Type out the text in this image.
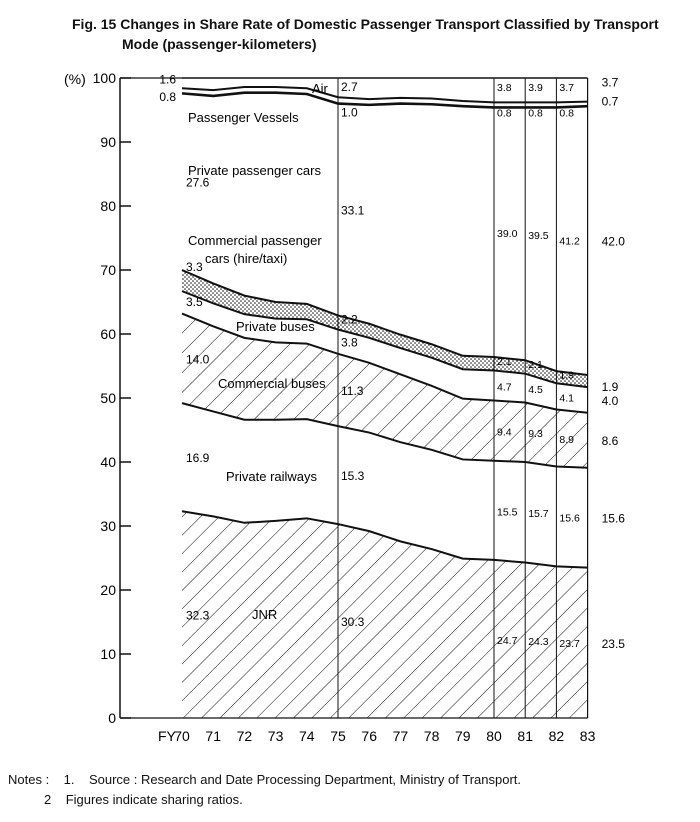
Fig. 15 Changes in Share Rate of Domestic Passenger Transport Classified by Transport
Mode (passenger-kilometers)
(%)
FY
0
10
20
30
40
50
60
70
80
90
100
70 71 72 73 74 75 76 77 78 79 80 81 82 83
1.6
0.8
27.6
3.3
3.5
14.0
16.9
32.3
2.7
1.0
33.1
2.2
3.8
11.3
15.3
30.3
3.8
0.8
39.0
2.1
4.7
9.4
15.5
24.7
3.9
0.8
39.5
2.1
4.5
9.3
15.7
24.3
3.7
0.8
41.2
1.9
4.1
8.9
15.6
23.7
3.7
0.7
42.0
1.9
4.0
8.6
15.6
23.5
Air
Passenger Vessels
Private passenger cars
Commercial passenger
cars (hire/taxi)
Private buses
Commercial buses
Private railways
JNR
Notes : 1. Source : Research and Date Processing Department, Ministry of Transport.
2 Figures indicate sharing ratios.
